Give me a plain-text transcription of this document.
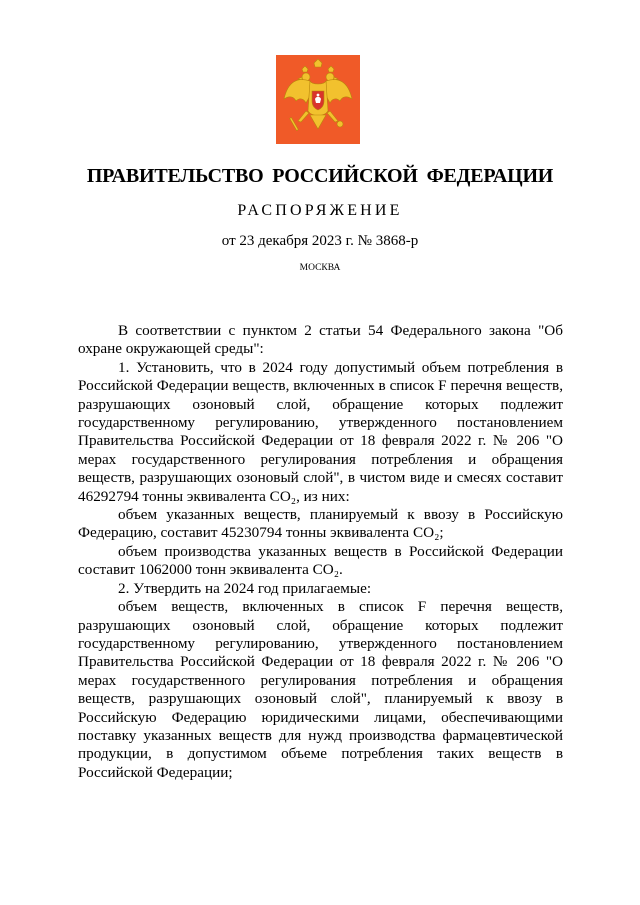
ПРАВИТЕЛЬСТВО РОССИЙСКОЙ ФЕДЕРАЦИИ
РАСПОРЯЖЕНИЕ
от 23 декабря 2023 г. № 3868-р
МОСКВА

В соответствии с пунктом 2 статьи 54 Федерального закона "Об охране окружающей среды":

1. Установить, что в 2024 году допустимый объем потребления в Российской Федерации веществ, включенных в список F перечня веществ, разрушающих озоновый слой, обращение которых подлежит государственному регулированию, утвержденного постановлением Правительства Российской Федерации от 18 февраля 2022 г. № 206 "О мерах государственного регулирования потребления и обращения веществ, разрушающих озоновый слой", в чистом виде и смесях составит 46292794 тонны эквивалента CO₂, из них:

объем указанных веществ, планируемый к ввозу в Российскую Федерацию, составит 45230794 тонны эквивалента CO₂;

объем производства указанных веществ в Российской Федерации составит 1062000 тонн эквивалента CO₂.

2. Утвердить на 2024 год прилагаемые:

объем веществ, включенных в список F перечня веществ, разрушающих озоновый слой, обращение которых подлежит государственному регулированию, утвержденного постановлением Правительства Российской Федерации от 18 февраля 2022 г. № 206 "О мерах государственного регулирования потребления и обращения веществ, разрушающих озоновый слой", планируемый к ввозу в Российскую Федерацию юридическими лицами, обеспечивающими поставку указанных веществ для нужд производства фармацевтической продукции, в допустимом объеме потребления таких веществ в Российской Федерации;
